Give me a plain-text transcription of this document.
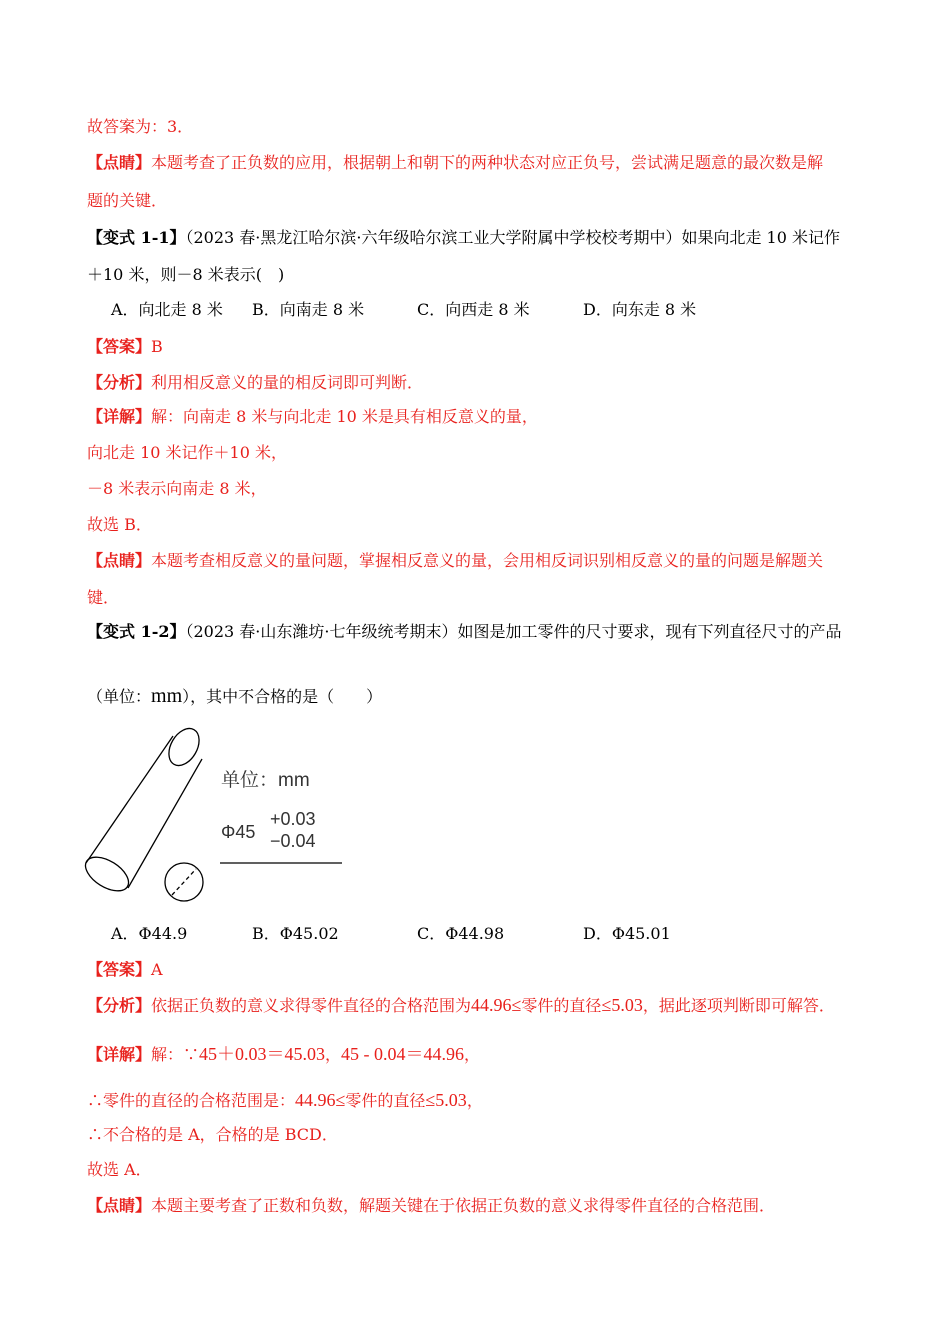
故答案为：3．
【点睛】本题考查了正负数的应用，根据朝上和朝下的两种状态对应正负号，尝试满足题意的最次数是解
题的关键．
【变式 1-1】（2023 春·黑龙江哈尔滨·六年级哈尔滨工业大学附属中学校校考期中）如果向北走 10 米记作
＋10 米，则－8 米表示(　)
A．向北走 8 米 B．向南走 8 米	C．向西走 8 米	D．向东走 8 米
【答案】B
【分析】利用相反意义的量的相反词即可判断．
【详解】解：向南走 8 米与向北走 10 米是具有相反意义的量，
向北走 10 米记作＋10 米，
－8 米表示向南走 8 米，
故选 B．
【点睛】本题考查相反意义的量问题，掌握相反意义的量，会用相反词识别相反意义的量的问题是解题关
键．
【变式 1-2】（2023 春·山东潍坊·七年级统考期末）如图是加工零件的尺寸要求，现有下列直径尺寸的产品
（单位：mm），其中不合格的是（　　）
单位：mm
Φ45
+0.03
−0.04
A．Φ44.9	B．Φ45.02	C．Φ44.98	D．Φ45.01
【答案】A
【分析】依据正负数的意义求得零件直径的合格范围为44.96≤零件的直径≤5.03，据此逐项判断即可解答．
【详解】解：∵45＋0.03＝45.03，45 - 0.04＝44.96，
∴零件的直径的合格范围是：44.96≤零件的直径≤5.03，
∴不合格的是 A，合格的是 BCD．
故选 A．
【点睛】本题主要考查了正数和负数，解题关键在于依据正负数的意义求得零件直径的合格范围．
